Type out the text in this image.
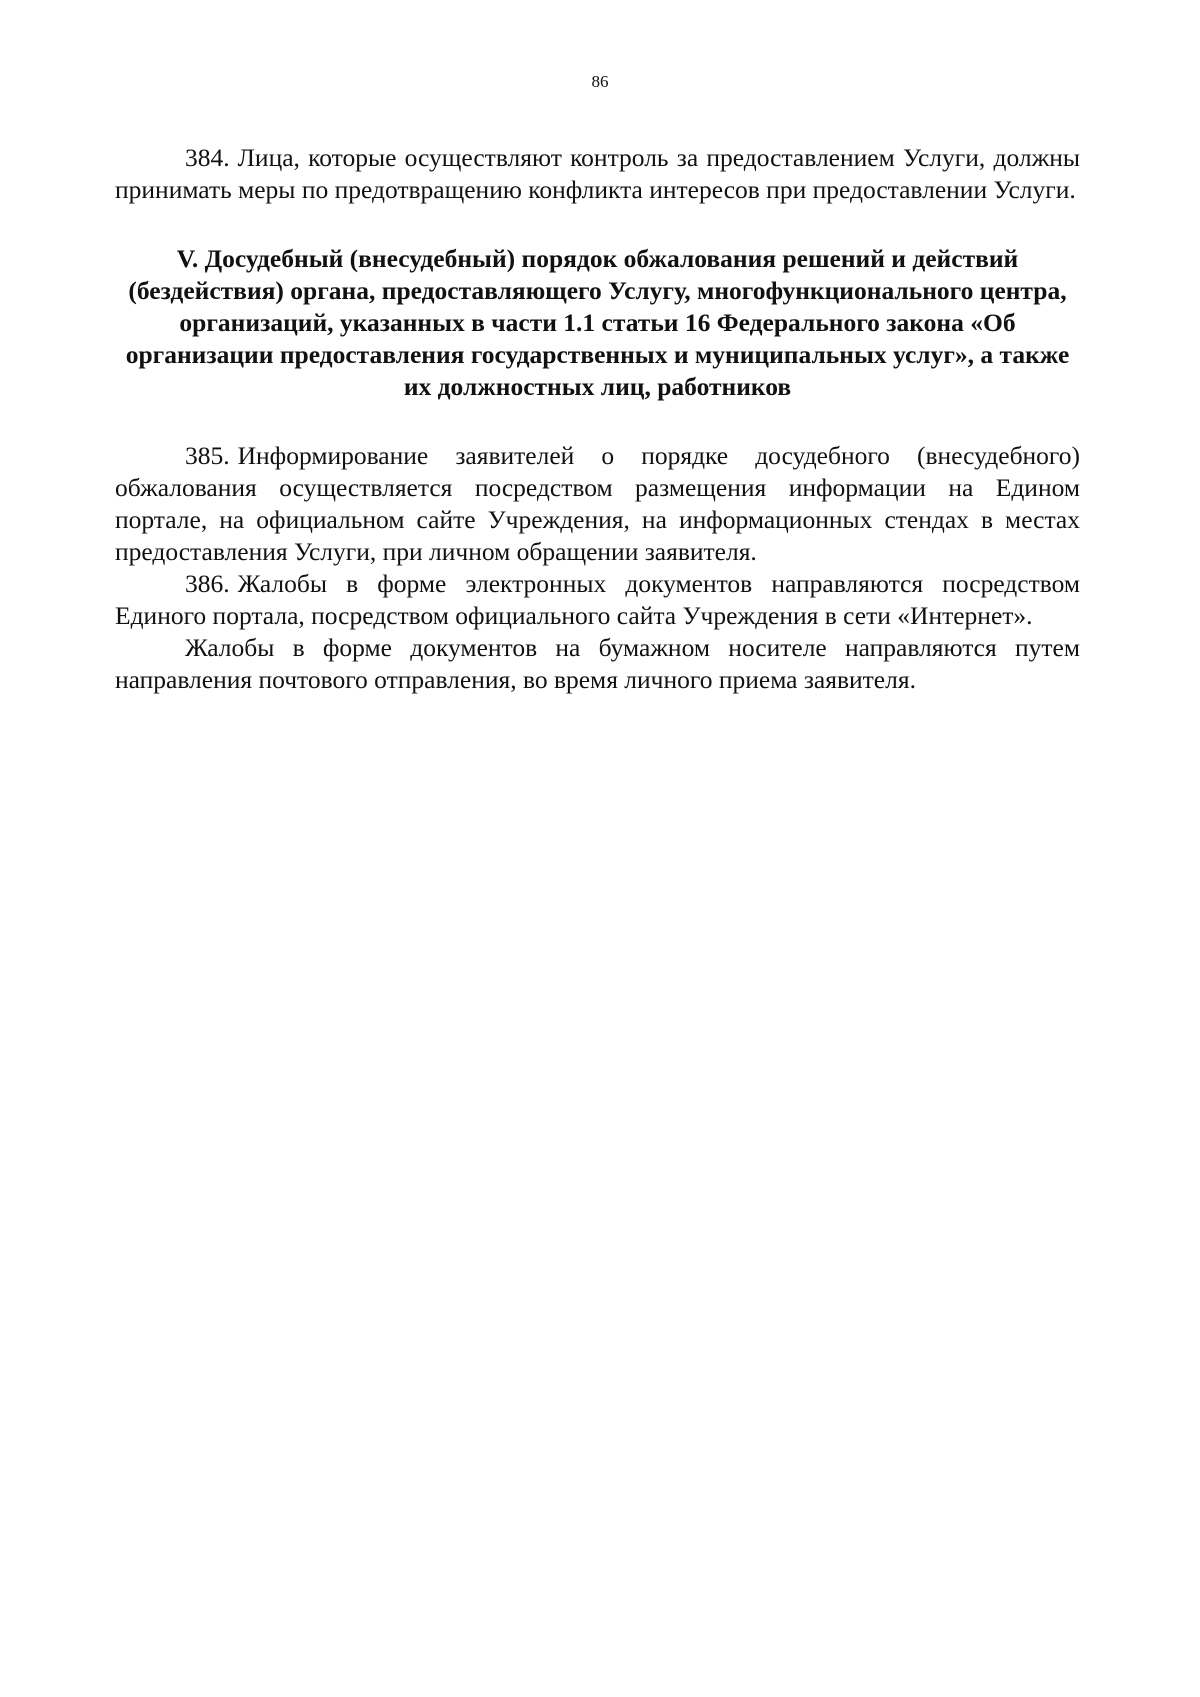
86

384. Лица, которые осуществляют контроль за предоставлением Услуги, должны принимать меры по предотвращению конфликта интересов при предоставлении Услуги.

V. Досудебный (внесудебный) порядок обжалования решений и действий (бездействия) органа, предоставляющего Услугу, многофункционального центра, организаций, указанных в части 1.1 статьи 16 Федерального закона «Об организации предоставления государственных и муниципальных услуг», а также их должностных лиц, работников

385. Информирование заявителей о порядке досудебного (внесудебного) обжалования осуществляется посредством размещения информации на Едином портале, на официальном сайте Учреждения, на информационных стендах в местах предоставления Услуги, при личном обращении заявителя.

386. Жалобы в форме электронных документов направляются посредством Единого портала, посредством официального сайта Учреждения в сети «Интернет».

Жалобы в форме документов на бумажном носителе направляются путем направления почтового отправления, во время личного приема заявителя.
